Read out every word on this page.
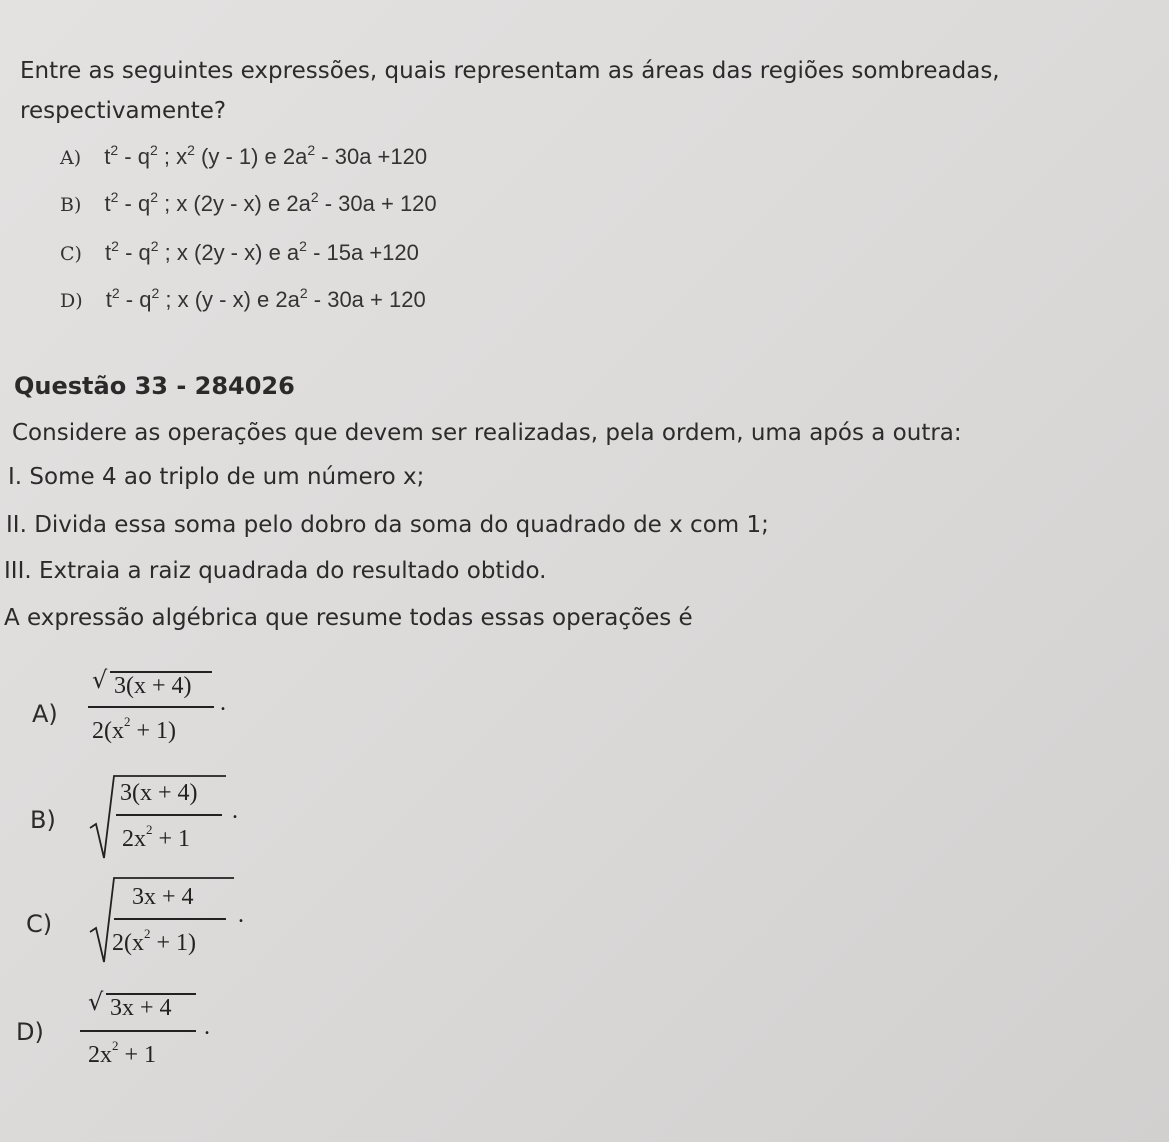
Entre as seguintes expressões, quais representam as áreas das regiões sombreadas,
respectivamente?
A) $t^2 - q^2$ ; $x^2$ (y - 1) e $2a^2 - 30a +120$
B) $t^2 - q^2$ ; x (2y - x) e $2a^2 - 30a + 120$
C) $t^2 - q^2$ ; x (2y - x) e $a^2 - 15a +120$
D) $t^2 - q^2$ ; x (y - x) e $2a^2 - 30a + 120$
Questão 33 - 284026
Considere as operações que devem ser realizadas, pela ordem, uma após a outra:
I. Some 4 ao triplo de um número x;
II. Divida essa soma pelo dobro da soma do quadrado de x com 1;
III. Extraia a raiz quadrada do resultado obtido.
A expressão algébrica que resume todas essas operações é
A)
√ 3(x + 4)
$2(x^2 + 1)$
.
B)
3(x + 4)
$2x^2 + 1$
.
C)
3x + 4
$2(x^2 + 1)$
.
D)
√ 3x + 4
$2x^2 + 1$
.
